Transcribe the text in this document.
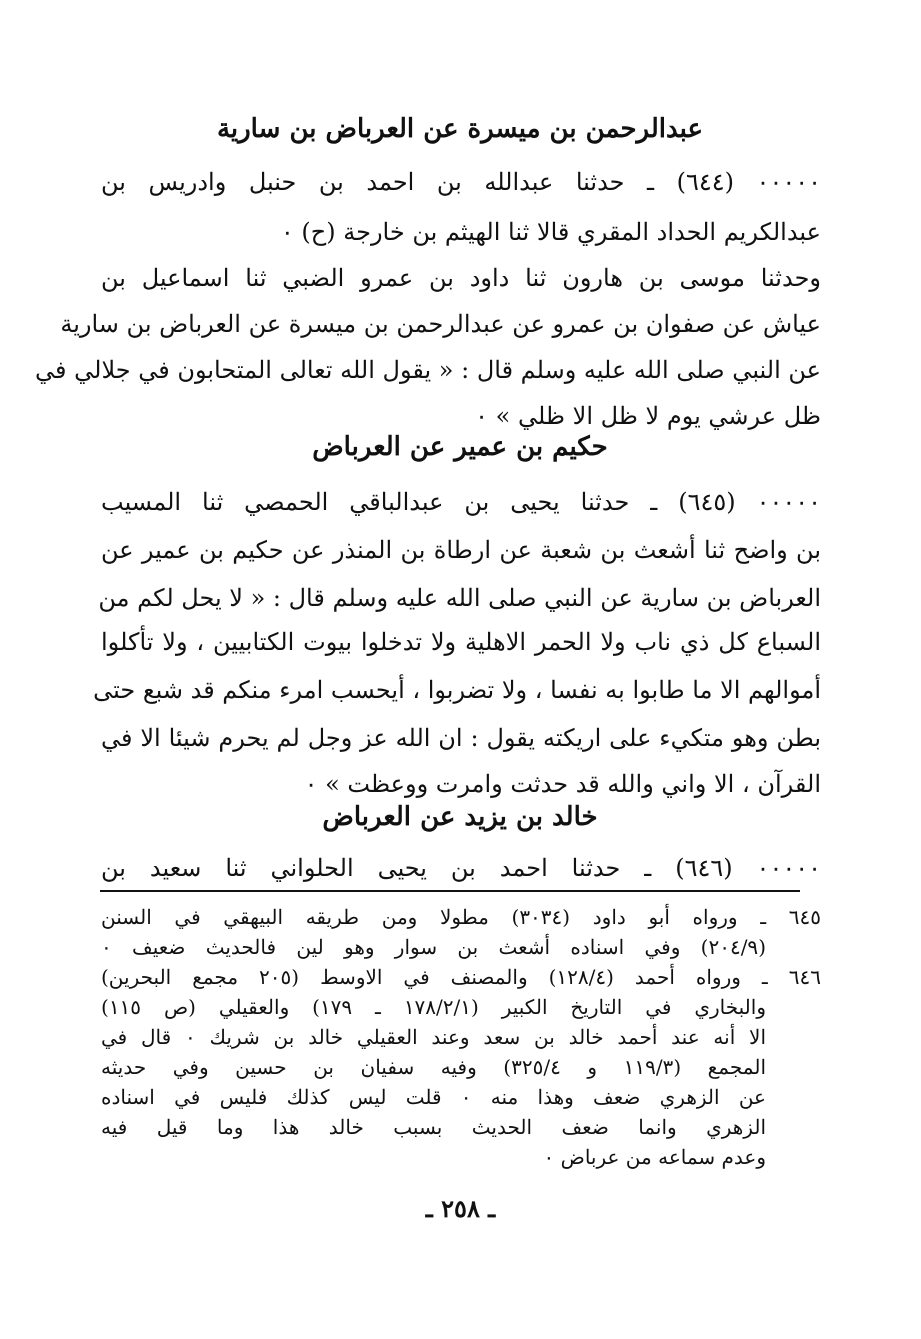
عبدالرحمن بن ميسرة عن العرباض بن سارية
٠٠٠٠٠ (٦٤٤) ـ حدثنا عبدالله بن احمد بن حنبل وادريس بن
عبدالكريم الحداد المقري قالا ثنا الهيثم بن خارجة (ح) ٠
وحدثنا موسى بن هارون ثنا داود بن عمرو الضبي ثنا اسماعيل بن
عياش عن صفوان بن عمرو عن عبدالرحمن بن ميسرة عن العرباض بن سارية
عن النبي صلى الله عليه وسلم قال : « يقول الله تعالى المتحابون في جلالي في
ظل عرشي يوم لا ظل الا ظلي » ٠
حكيم بن عمير عن العرباض
٠٠٠٠٠ (٦٤٥) ـ حدثنا يحيى بن عبدالباقي الحمصي ثنا المسيب
بن واضح ثنا أشعث بن شعبة عن ارطاة بن المنذر عن حكيم بن عمير عن
العرباض بن سارية عن النبي صلى الله عليه وسلم قال : « لا يحل لكم من
السباع كل ذي ناب ولا الحمر الاهلية ولا تدخلوا بيوت الكتابيين ، ولا تأكلوا
أموالهم الا ما طابوا به نفسا ، ولا تضربوا ، أيحسب امرء منكم قد شبع حتى
بطن وهو متكيء على اريكته يقول : ان الله عز وجل لم يحرم شيئا الا في
القرآن ، الا واني والله قد حدثت وامرت ووعظت » ٠
خالد بن يزيد عن العرباض
٠٠٠٠٠ (٦٤٦) ـ حدثنا احمد بن يحيى الحلواني ثنا سعيد بن
٦٤٥ ـ ورواه أبو داود (٣٠٣٤) مطولا ومن طريقه البيهقي في السنن
(٢٠٤/٩) وفي اسناده أشعث بن سوار وهو لين فالحديث ضعيف ٠
٦٤٦ ـ ورواه أحمد (١٢٨/٤) والمصنف في الاوسط (٢٠٥ مجمع البحرين)
والبخاري في التاريخ الكبير (١٧٨/٢/١ ـ ١٧٩) والعقيلي (ص ١١٥)
الا أنه عند أحمد خالد بن سعد وعند العقيلي خالد بن شريك ٠ قال في
المجمع (١١٩/٣ و ٣٢٥/٤) وفيه سفيان بن حسين وفي حديثه
عن الزهري ضعف وهذا منه ٠ قلت ليس كذلك فليس في اسناده
الزهري وانما ضعف الحديث بسبب خالد هذا وما قيل فيه
وعدم سماعه من عرباض ٠
ـ ٢٥٨ ـ
